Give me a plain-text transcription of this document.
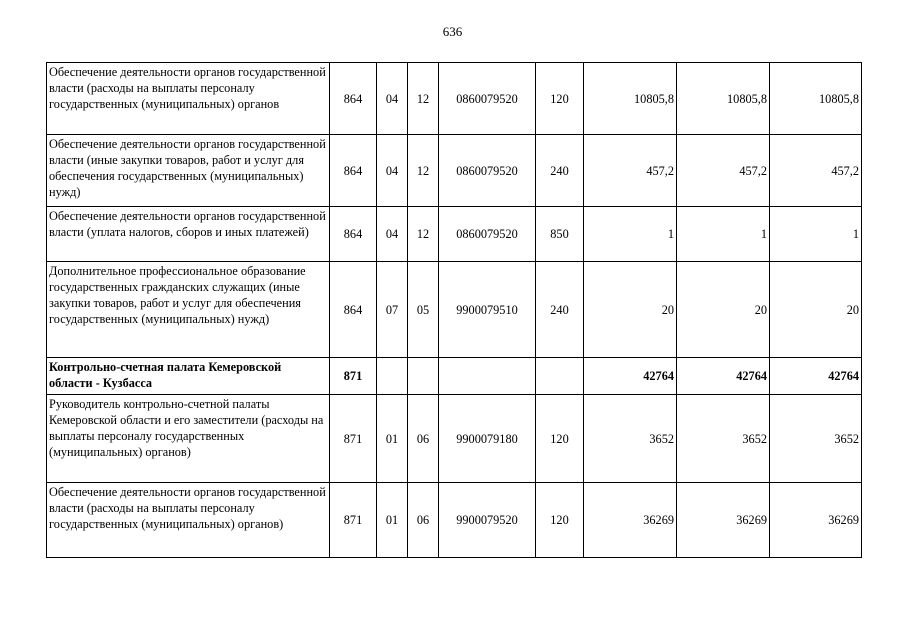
636
Обеспечение деятельности органов государственной власти (расходы на выплаты персоналу государственных (муниципальных) органов	864	04	12	0860079520	120	10805,8	10805,8	10805,8
Обеспечение деятельности органов государственной власти (иные закупки товаров, работ и услуг для обеспечения государственных (муниципальных) нужд)	864	04	12	0860079520	240	457,2	457,2	457,2
Обеспечение деятельности органов государственной власти (уплата налогов, сборов и иных платежей)	864	04	12	0860079520	850	1	1	1
Дополнительное профессиональное образование государственных гражданских служащих (иные закупки товаров, работ и услуг для обеспечения государственных (муниципальных) нужд)	864	07	05	9900079510	240	20	20	20
Контрольно-счетная палата Кемеровской области - Кузбасса	871					42764	42764	42764
Руководитель контрольно-счетной палаты Кемеровской области и его заместители (расходы на выплаты персоналу государственных (муниципальных) органов)	871	01	06	9900079180	120	3652	3652	3652
Обеспечение деятельности органов государственной власти (расходы на выплаты персоналу государственных (муниципальных) органов)	871	01	06	9900079520	120	36269	36269	36269
